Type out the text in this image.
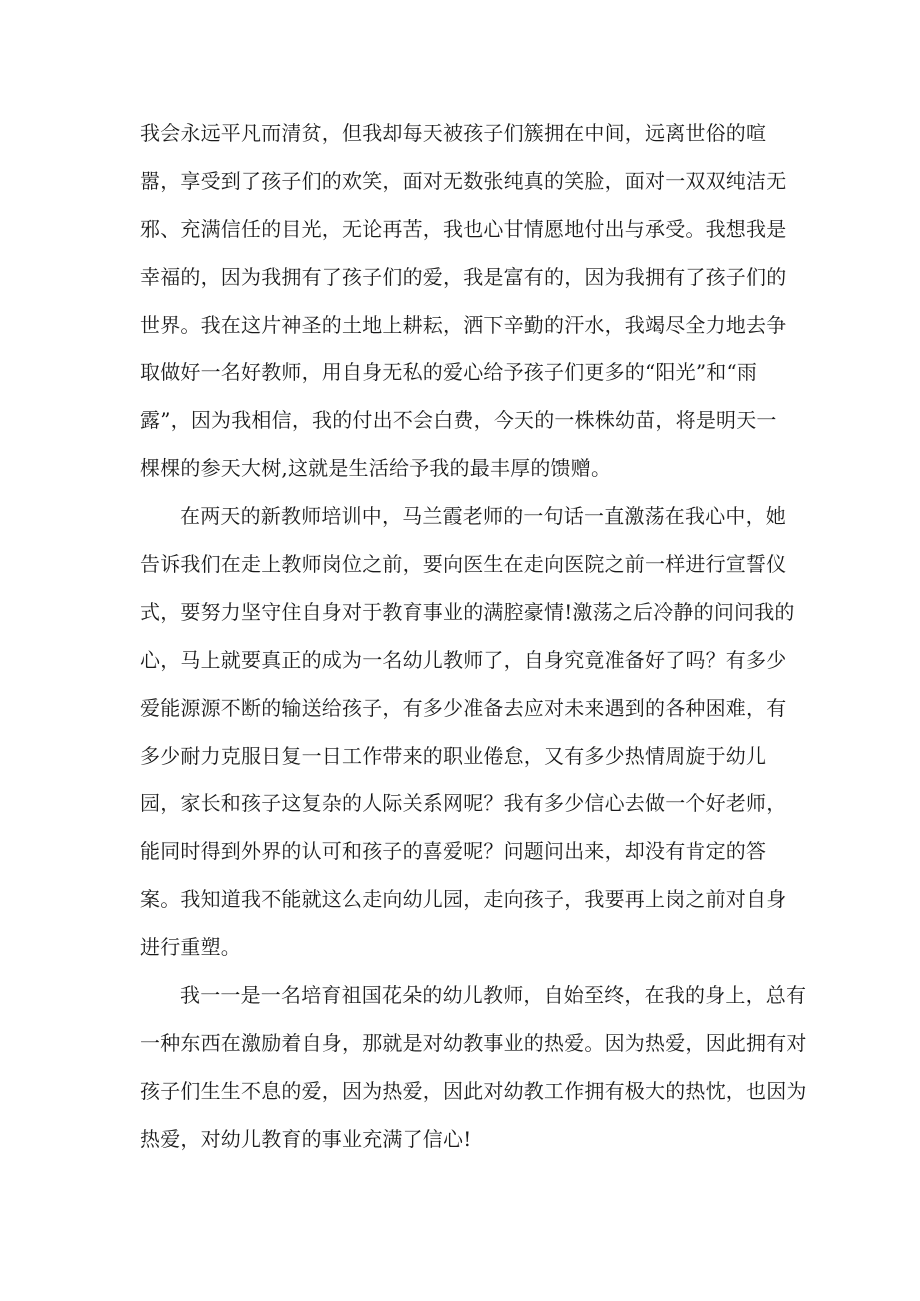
我会永远平凡而清贫，但我却每天被孩子们簇拥在中间，远离世俗的喧
嚣，享受到了孩子们的欢笑，面对无数张纯真的笑脸，面对一双双纯洁无
邪、充满信任的目光，无论再苦，我也心甘情愿地付出与承受。我想我是
幸福的，因为我拥有了孩子们的爱，我是富有的，因为我拥有了孩子们的
世界。我在这片神圣的土地上耕耘，洒下辛勤的汗水，我竭尽全力地去争
取做好一名好教师，用自身无私的爱心给予孩子们更多的“阳光”和“雨
露”，因为我相信，我的付出不会白费，今天的一株株幼苗，将是明天一
棵棵的参天大树,这就是生活给予我的最丰厚的馈赠。
在两天的新教师培训中，马兰霞老师的一句话一直激荡在我心中，她
告诉我们在走上教师岗位之前，要向医生在走向医院之前一样进行宣誓仪
式，要努力坚守住自身对于教育事业的满腔豪情!激荡之后冷静的问问我的
心，马上就要真正的成为一名幼儿教师了，自身究竟准备好了吗？有多少
爱能源源不断的输送给孩子，有多少准备去应对未来遇到的各种困难，有
多少耐力克服日复一日工作带来的职业倦怠，又有多少热情周旋于幼儿
园，家长和孩子这复杂的人际关系网呢？我有多少信心去做一个好老师，
能同时得到外界的认可和孩子的喜爱呢？问题问出来，却没有肯定的答
案。我知道我不能就这么走向幼儿园，走向孩子，我要再上岗之前对自身
进行重塑。
我一一是一名培育祖国花朵的幼儿教师，自始至终，在我的身上，总有
一种东西在激励着自身，那就是对幼教事业的热爱。因为热爱，因此拥有对
孩子们生生不息的爱，因为热爱，因此对幼教工作拥有极大的热忱，也因为
热爱，对幼儿教育的事业充满了信心!
